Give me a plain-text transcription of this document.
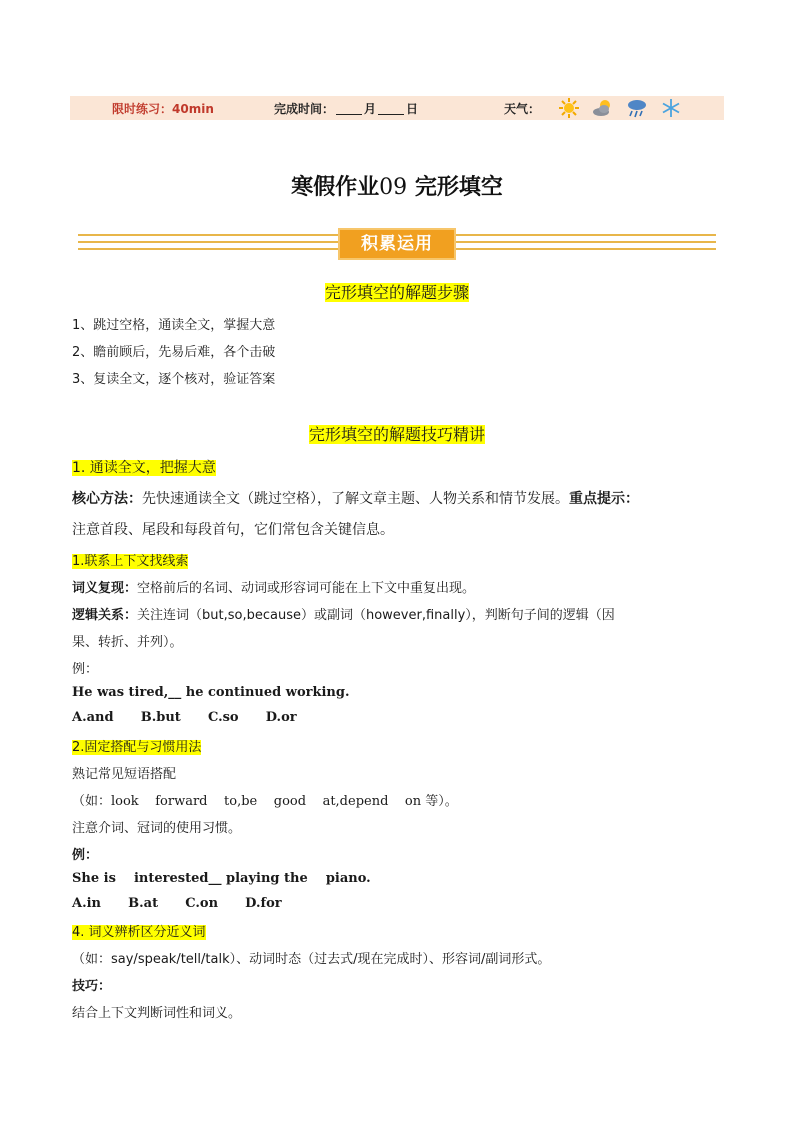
限时练习：40min	完成时间：	月	日	天气：
寒假作业09 完形填空
积累运用
完形填空的解题步骤
1、跳过空格，通读全文，掌握大意
2、瞻前顾后，先易后难，各个击破
3、复读全文，逐个核对，验证答案
完形填空的解题技巧精讲
1. 通读全文，把握大意
核心方法：先快速通读全文（跳过空格），了解文章主题、人物关系和情节发展。重点提示：
注意首段、尾段和每段首句，它们常包含关键信息。
1.联系上下文找线索
词义复现：空格前后的名词、动词或形容词可能在上下文中重复出现。
逻辑关系：关注连词（but,so,because）或副词（however,finally），判断句子间的逻辑（因
果、转折、并列）。
例：
He was tired,__ he continued working.
A.and      B.but      C.so      D.or
2.固定搭配与习惯用法
熟记常见短语搭配
（如：look    forward    to,be    good    at,depend    on 等）。
注意介词、冠词的使用习惯。
例：
She is    interested__ playing the    piano.
A.in      B.at      C.on      D.for
4. 词义辨析区分近义词
（如：say/speak/tell/talk）、动词时态（过去式/现在完成时）、形容词/副词形式。
技巧：
结合上下文判断词性和词义。
